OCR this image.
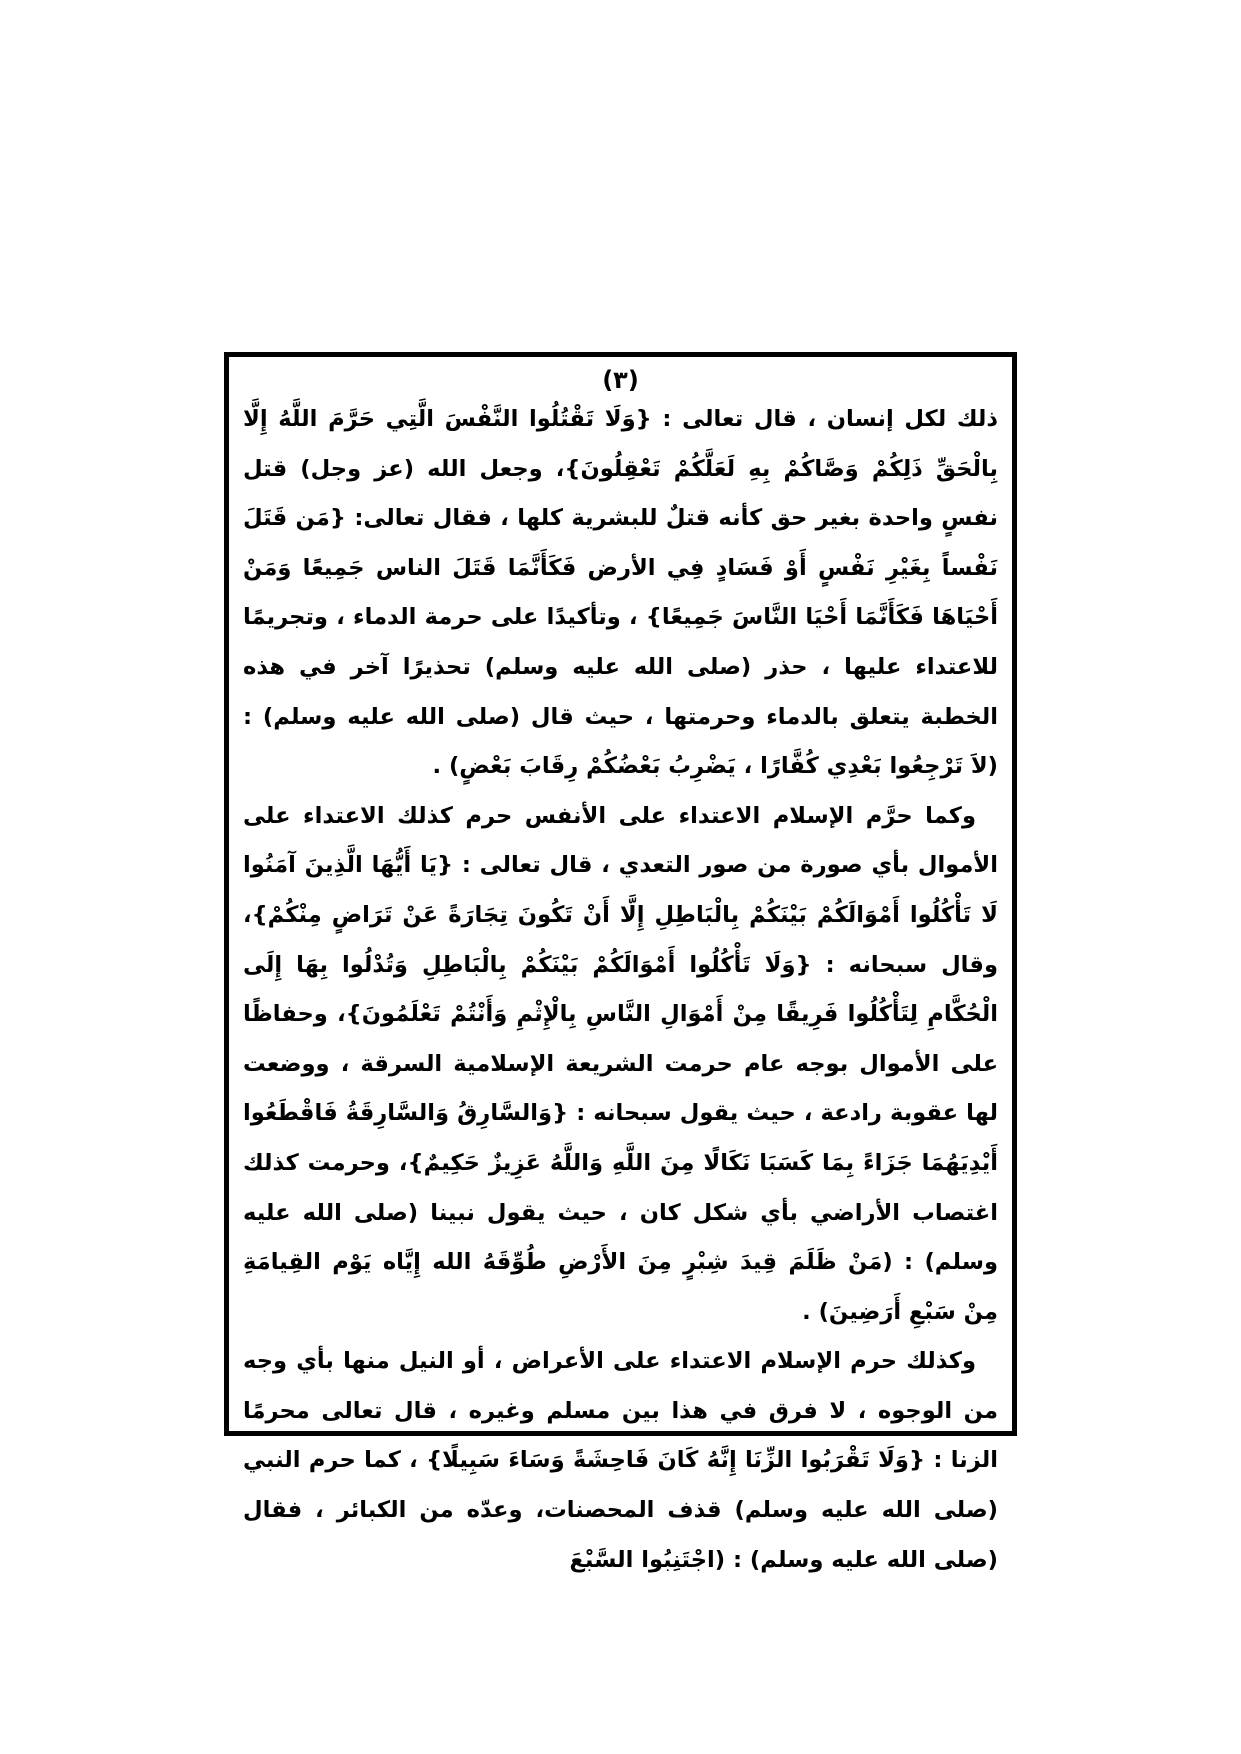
(٣)

ذلك لكل إنسان ، قال تعالى : {وَلَا تَقْتُلُوا النَّفْسَ الَّتِي حَرَّمَ اللَّهُ إِلَّا بِالْحَقِّ ذَلِكُمْ وَصَّاكُمْ بِهِ لَعَلَّكُمْ تَعْقِلُونَ}، وجعل الله (عز وجل) قتل نفسٍ واحدة بغير حق كأنه قتلٌ للبشرية كلها ، فقال تعالى: {مَن قَتَلَ نَفْساً بِغَيْرِ نَفْسٍ أَوْ فَسَادٍ فِي الأرض فَكَأَنَّمَا قَتَلَ الناس جَمِيعًا وَمَنْ أَحْيَاهَا فَكَأَنَّمَا أَحْيَا النَّاسَ جَمِيعًا} ، وتأكيدًا على حرمة الدماء ، وتجريمًا للاعتداء عليها ، حذر (صلى الله عليه وسلم) تحذيرًا آخر في هذه الخطبة يتعلق بالدماء وحرمتها ، حيث قال (صلى الله عليه وسلم) : (لاَ تَرْجِعُوا بَعْدِي كُفَّارًا ، يَضْرِبُ بَعْضُكُمْ رِقَابَ بَعْضٍ) .

وكما حرَّم الإسلام الاعتداء على الأنفس حرم كذلك الاعتداء على الأموال بأي صورة من صور التعدي ، قال تعالى : {يَا أَيُّهَا الَّذِينَ آمَنُوا لَا تَأْكُلُوا أَمْوَالَكُمْ بَيْنَكُمْ بِالْبَاطِلِ إِلَّا أَنْ تَكُونَ تِجَارَةً عَنْ تَرَاضٍ مِنْكُمْ}، وقال سبحانه : {وَلَا تَأْكُلُوا أَمْوَالَكُمْ بَيْنَكُمْ بِالْبَاطِلِ وَتُدْلُوا بِهَا إِلَى الْحُكَّامِ لِتَأْكُلُوا فَرِيقًا مِنْ أَمْوَالِ النَّاسِ بِالْإِثْمِ وَأَنْتُمْ تَعْلَمُونَ}، وحفاظًا على الأموال بوجه عام حرمت الشريعة الإسلامية السرقة ، ووضعت لها عقوبة رادعة ، حيث يقول سبحانه : {وَالسَّارِقُ وَالسَّارِقَةُ فَاقْطَعُوا أَيْدِيَهُمَا جَزَاءً بِمَا كَسَبَا نَكَالًا مِنَ اللَّهِ وَاللَّهُ عَزِيزٌ حَكِيمٌ}، وحرمت كذلك اغتصاب الأراضي بأي شكل كان ، حيث يقول نبينا (صلى الله عليه وسلم) : (مَنْ ظَلَمَ قِيدَ شِبْرٍ مِنَ الأَرْضِ طُوِّقَهُ الله إِيَّاه يَوْم القِيامَةِ مِنْ سَبْعِ أَرَضِينَ) .

وكذلك حرم الإسلام الاعتداء على الأعراض ، أو النيل منها بأي وجه من الوجوه ، لا فرق في هذا بين مسلم وغيره ، قال تعالى محرمًا الزنا : {وَلَا تَقْرَبُوا الزِّنَا إِنَّهُ كَانَ فَاحِشَةً وَسَاءَ سَبِيلًا} ، كما حرم النبي (صلى الله عليه وسلم) قذف المحصنات، وعدّه من الكبائر ، فقال (صلى الله عليه وسلم) : (اجْتَنِبُوا السَّبْعَ
